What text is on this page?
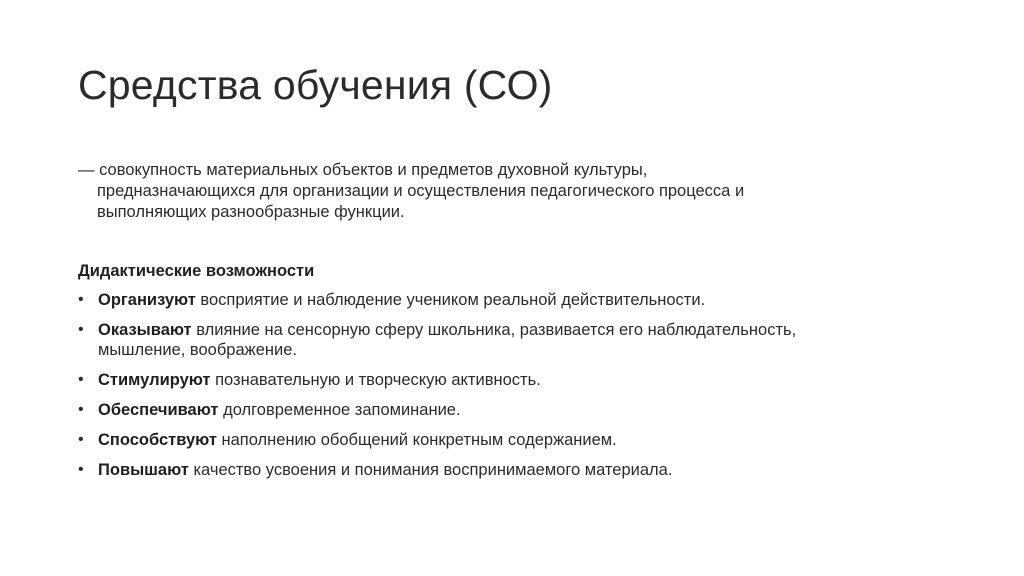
Средства обучения (СО)
— совокупность материальных объектов и предметов духовной культуры,
предназначающихся для организации и осуществления педагогического процесса и
выполняющих разнообразные функции.
Дидактические возможности
• Организуют восприятие и наблюдение учеником реальной действительности.
• Оказывают влияние на сенсорную сферу школьника, развивается его наблюдательность,
мышление, воображение.
• Стимулируют познавательную и творческую активность.
• Обеспечивают долговременное запоминание.
• Способствуют наполнению обобщений конкретным содержанием.
• Повышают качество усвоения и понимания воспринимаемого материала.
